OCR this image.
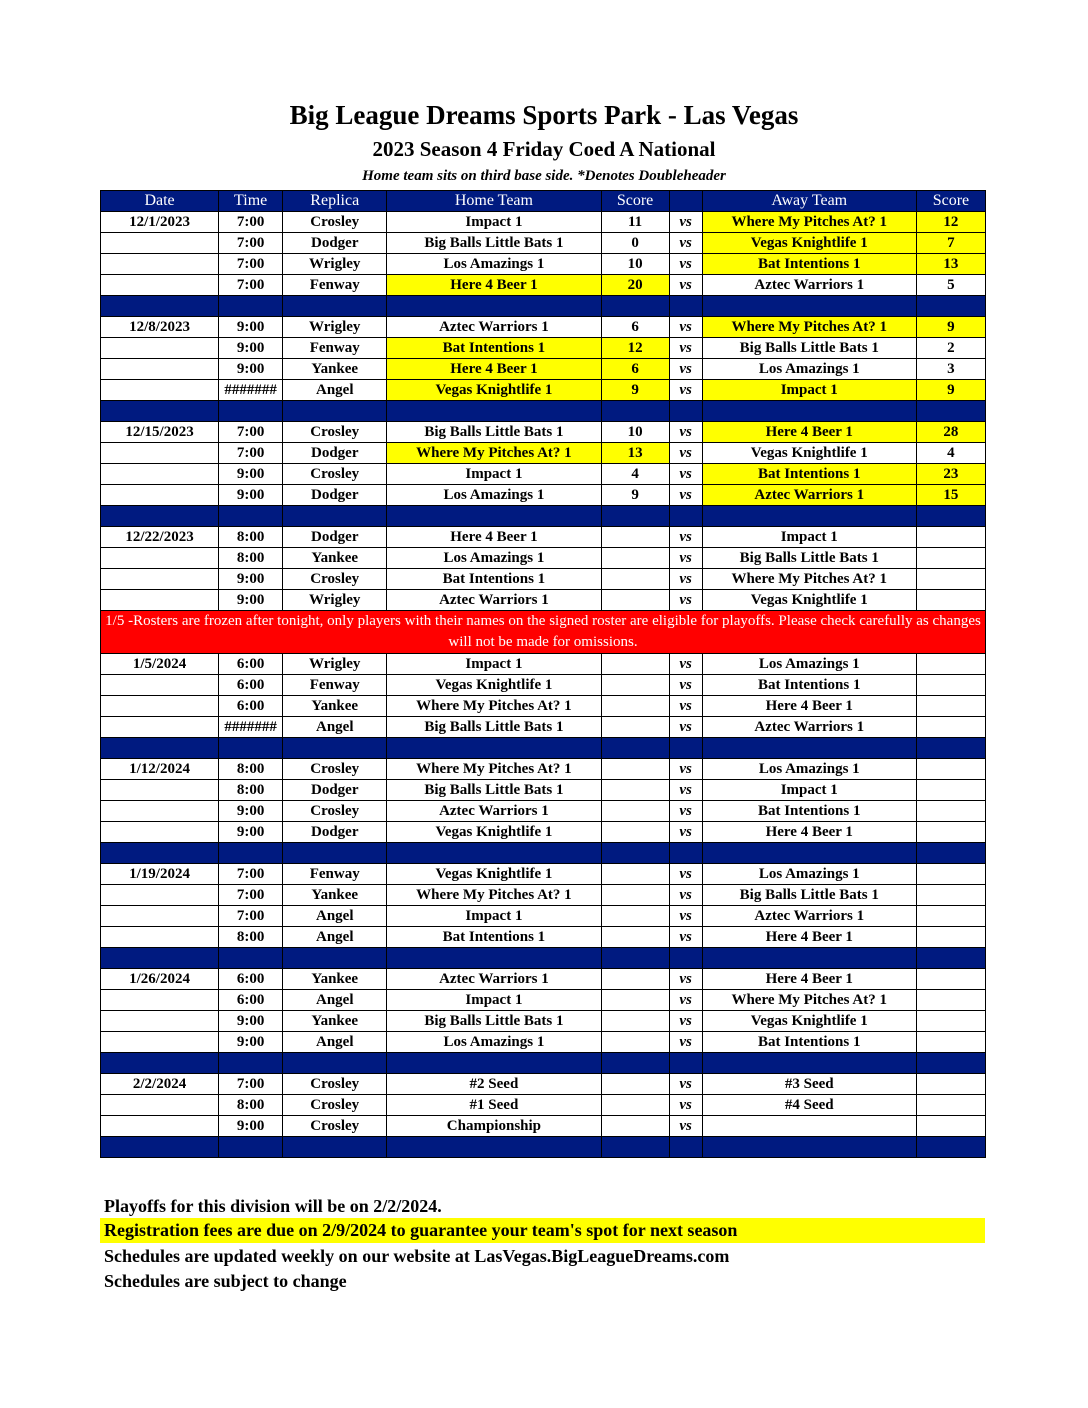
Big League Dreams Sports Park - Las Vegas
2023 Season 4 Friday Coed A National
Home team sits on third base side. *Denotes Doubleheader
Date	Time	Replica	Home Team	Score		Away Team	Score
12/1/2023	7:00	Crosley	Impact 1	11	vs	Where My Pitches At? 1	12
	7:00	Dodger	Big Balls Little Bats 1	0	vs	Vegas Knightlife 1	7
	7:00	Wrigley	Los Amazings 1	10	vs	Bat Intentions 1	13
	7:00	Fenway	Here 4 Beer 1	20	vs	Aztec Warriors 1	5

12/8/2023	9:00	Wrigley	Aztec Warriors 1	6	vs	Where My Pitches At? 1	9
	9:00	Fenway	Bat Intentions 1	12	vs	Big Balls Little Bats 1	2
	9:00	Yankee	Here 4 Beer 1	6	vs	Los Amazings 1	3
	#######	Angel	Vegas Knightlife 1	9	vs	Impact 1	9

12/15/2023	7:00	Crosley	Big Balls Little Bats 1	10	vs	Here 4 Beer 1	28
	7:00	Dodger	Where My Pitches At? 1	13	vs	Vegas Knightlife 1	4
	9:00	Crosley	Impact 1	4	vs	Bat Intentions 1	23
	9:00	Dodger	Los Amazings 1	9	vs	Aztec Warriors 1	15

12/22/2023	8:00	Dodger	Here 4 Beer 1		vs	Impact 1	
	8:00	Yankee	Los Amazings 1		vs	Big Balls Little Bats 1	
	9:00	Crosley	Bat Intentions 1		vs	Where My Pitches At? 1	
	9:00	Wrigley	Aztec Warriors 1		vs	Vegas Knightlife 1	
1/5 -Rosters are frozen after tonight, only players with their names on the signed roster are eligible for playoffs. Please check carefully as changes will not be made for omissions.							
1/5/2024	6:00	Wrigley	Impact 1		vs	Los Amazings 1	
	6:00	Fenway	Vegas Knightlife 1		vs	Bat Intentions 1	
	6:00	Yankee	Where My Pitches At? 1		vs	Here 4 Beer 1	
	#######	Angel	Big Balls Little Bats 1		vs	Aztec Warriors 1	

1/12/2024	8:00	Crosley	Where My Pitches At? 1		vs	Los Amazings 1	
	8:00	Dodger	Big Balls Little Bats 1		vs	Impact 1	
	9:00	Crosley	Aztec Warriors 1		vs	Bat Intentions 1	
	9:00	Dodger	Vegas Knightlife 1		vs	Here 4 Beer 1	

1/19/2024	7:00	Fenway	Vegas Knightlife 1		vs	Los Amazings 1	
	7:00	Yankee	Where My Pitches At? 1		vs	Big Balls Little Bats 1	
	7:00	Angel	Impact 1		vs	Aztec Warriors 1	
	8:00	Angel	Bat Intentions 1		vs	Here 4 Beer 1	

1/26/2024	6:00	Yankee	Aztec Warriors 1		vs	Here 4 Beer 1	
	6:00	Angel	Impact 1		vs	Where My Pitches At? 1	
	9:00	Yankee	Big Balls Little Bats 1		vs	Vegas Knightlife 1	
	9:00	Angel	Los Amazings 1		vs	Bat Intentions 1	

2/2/2024	7:00	Crosley	#2 Seed		vs	#3 Seed	
	8:00	Crosley	#1 Seed		vs	#4 Seed	
	9:00	Crosley	Championship		vs		

Playoffs for this division will be on 2/2/2024.
Registration fees are due on 2/9/2024 to guarantee your team's spot for next season
Schedules are updated weekly on our website at LasVegas.BigLeagueDreams.com
Schedules are subject to change
